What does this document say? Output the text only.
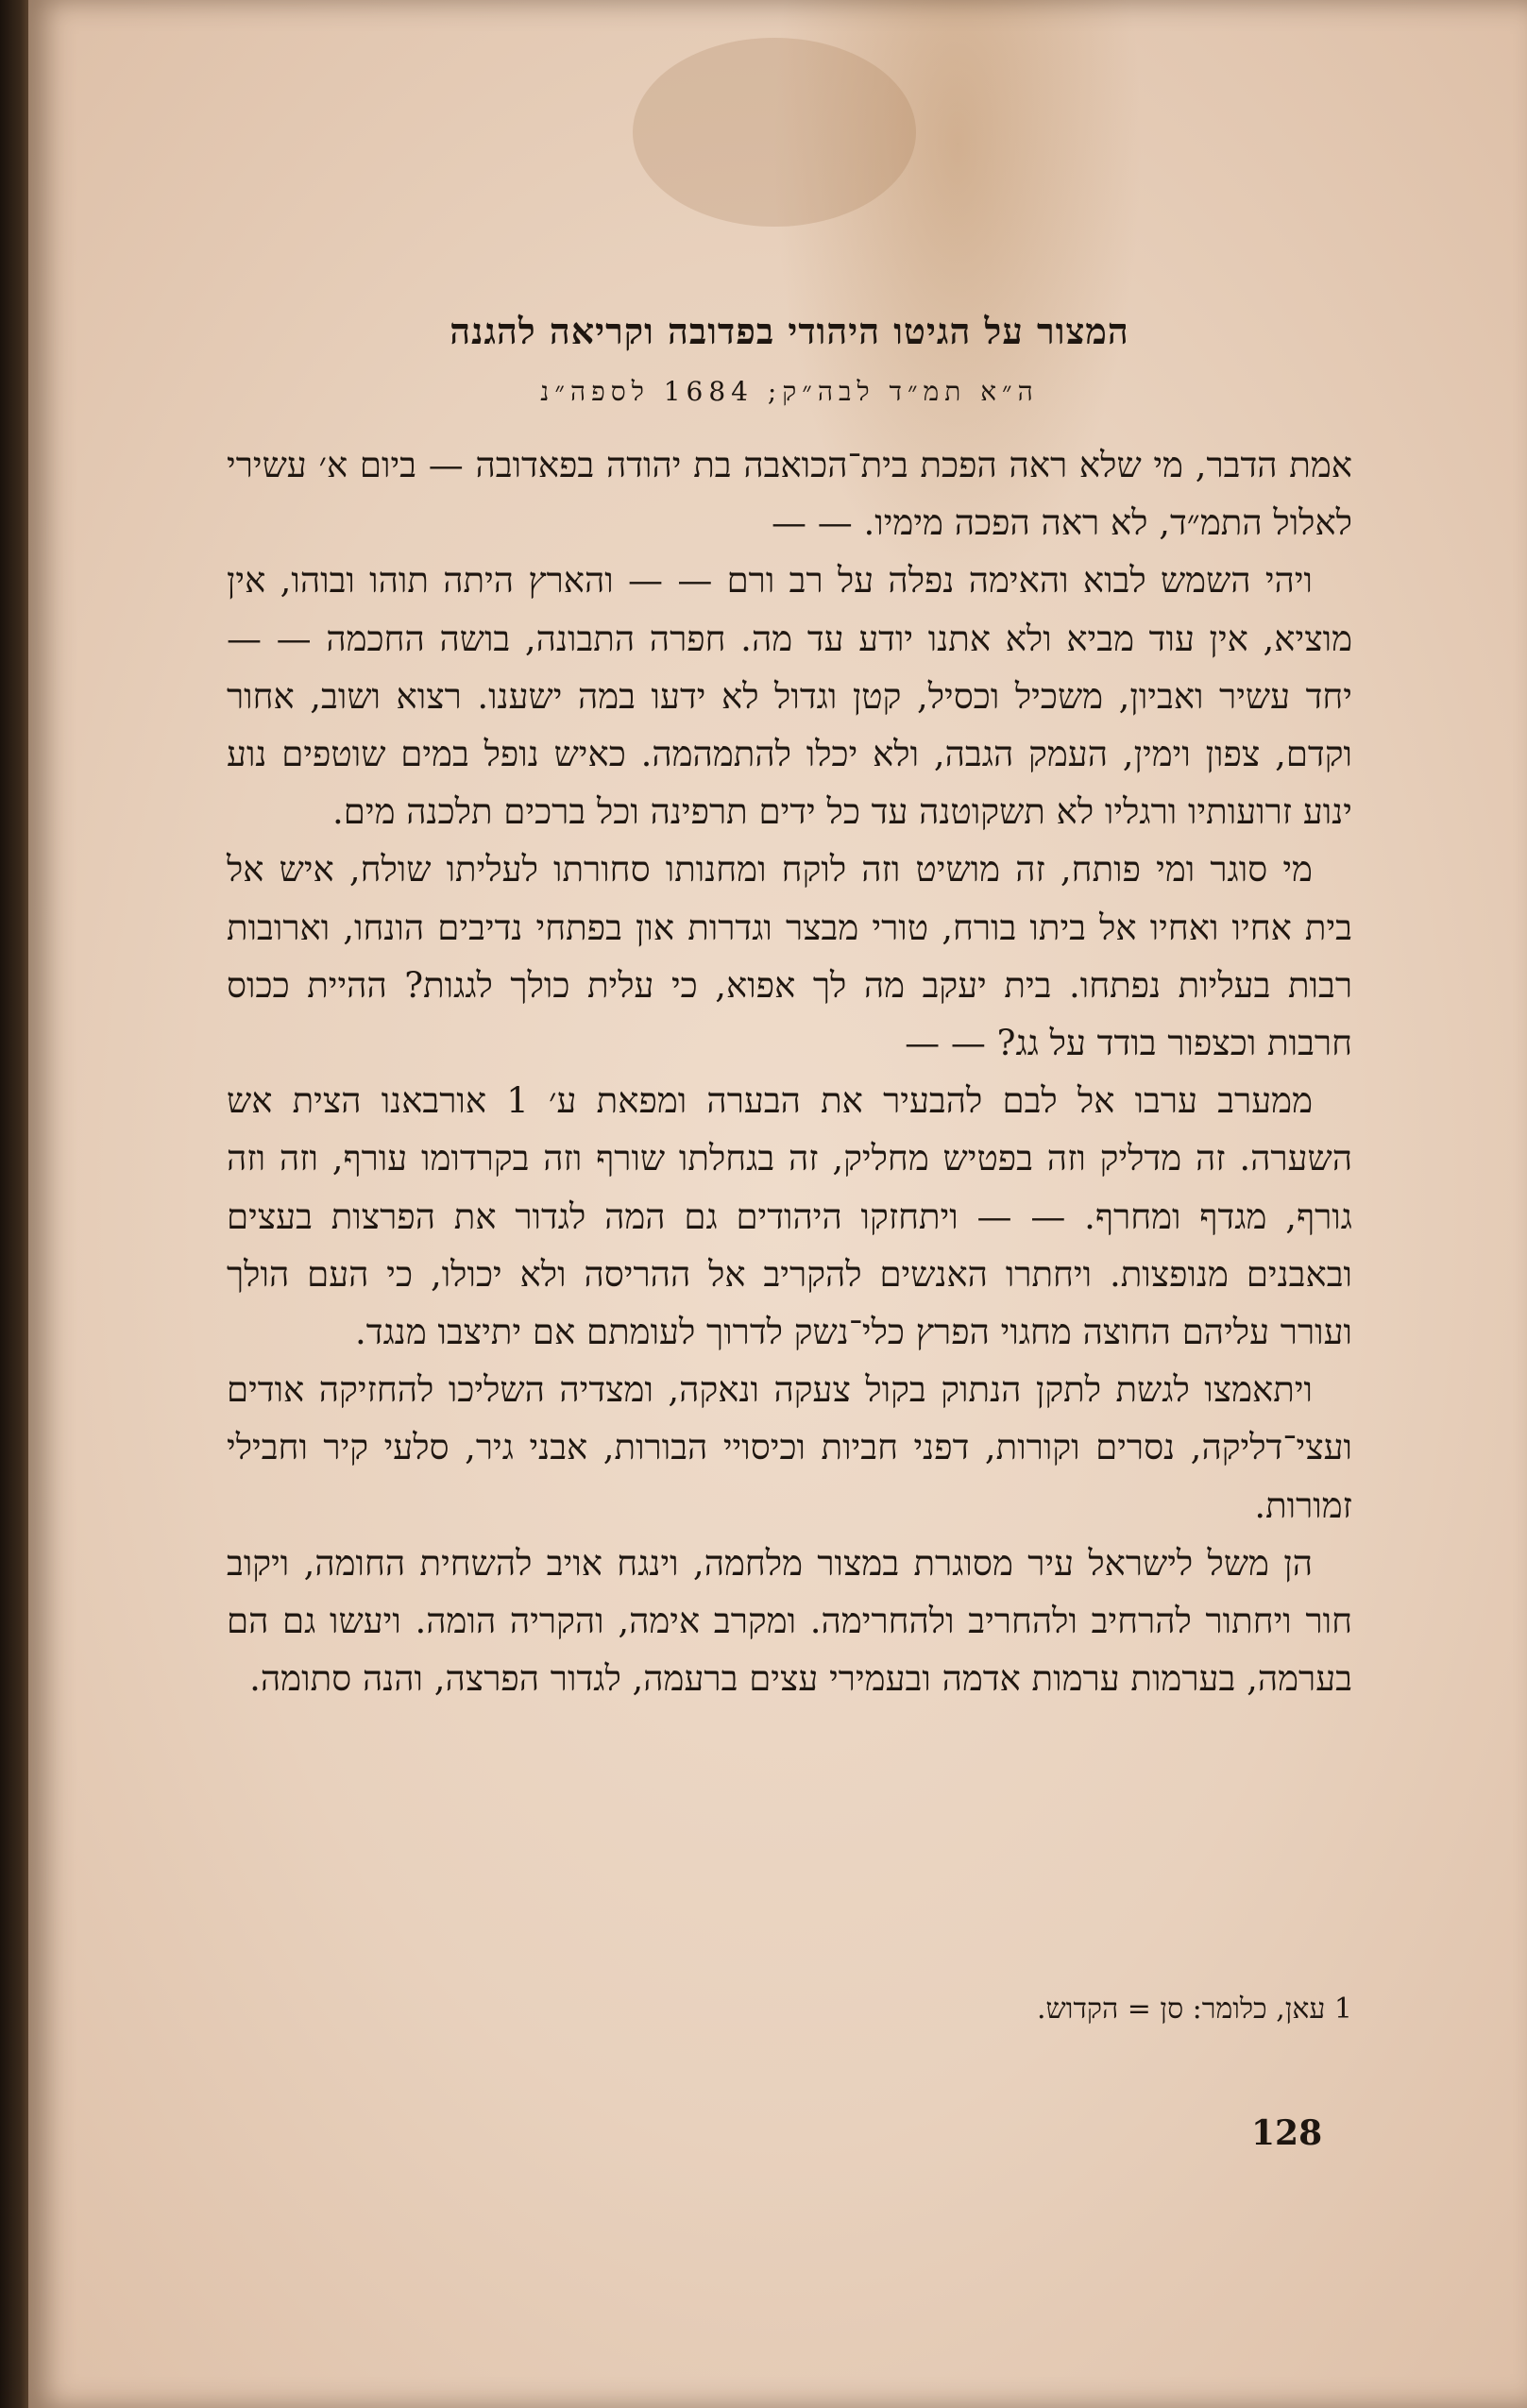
המצור על הגיטו היהודי בפדובה וקריאה להגנה
ה״א תמ״ד לבה״ק; 1684 לספה״נ

אמת הדבר, מי שלא ראה הפכת בית־הכואבה בת יהודה בפאדובה — ביום א׳ עשירי לאלול התמ״ד, לא ראה הפכה מימיו. — —

ויהי השמש לבוא והאימה נפלה על רב ורם — — והארץ היתה תוהו ובוהו, אין מוציא, אין עוד מביא ולא אתנו יודע עד מה. חפרה התבונה, בושה החכמה — — יחד עשיר ואביון, משכיל וכסיל, קטן וגדול לא ידעו במה ישענו. רצוא ושוב, אחור וקדם, צפון וימין, העמק הגבה, ולא יכלו להתמהמה. כאיש נופל במים שוטפים נוע ינוע זרועותיו ורגליו לא תשקוטנה עד כל ידים תרפינה וכל ברכים תלכנה מים.

מי סוגר ומי פותח, זה מושיט וזה לוקח ומחנותו סחורתו לעליתו שולח, איש אל בית אחיו ואחיו אל ביתו בורח, טורי מבצר וגדרות און בפתחי נדיבים הונחו, וארובות רבות בעליות נפתחו. בית יעקב מה לך אפוא, כי עלית כולך לגגות? ההיית ככוס חרבות וכצפור בודד על גג? — —

ממערב ערבו אל לבם להבעיר את הבערה ומפאת ע׳ 1 אורבאנו הצית אש השערה. זה מדליק וזה בפטיש מחליק, זה בגחלתו שורף וזה בקרדומו עורף, וזה וזה גורף, מגדף ומחרף. — — ויתחזקו היהודים גם המה לגדור את הפרצות בעצים ובאבנים מנופצות. ויחתרו האנשים להקריב אל ההריסה ולא יכולו, כי העם הולך ועורר עליהם החוצה מחגוי הפרץ כלי־נשק לדרוך לעומתם אם יתיצבו מנגד.

ויתאמצו לגשת לתקן הנתוק בקול צעקה ונאקה, ומצדיה השליכו להחזיקה אודים ועצי־דליקה, נסרים וקורות, דפני חביות וכיסויי הבורות, אבני גיר, סלעי קיר וחבילי זמורות.

הן משל לישראל עיר מסוגרת במצור מלחמה, וינגח אויב להשחית החומה, ויקוב חור ויחתור להרחיב ולהחריב ולהחרימה. ומקרב אימה, והקריה הומה. ויעשו גם הם בערמה, בערמות ערמות אדמה ובעמירי עצים ברעמה, לגדור הפרצה, והנה סתומה.

1 עאן, כלומר: סן = הקדוש.
128
